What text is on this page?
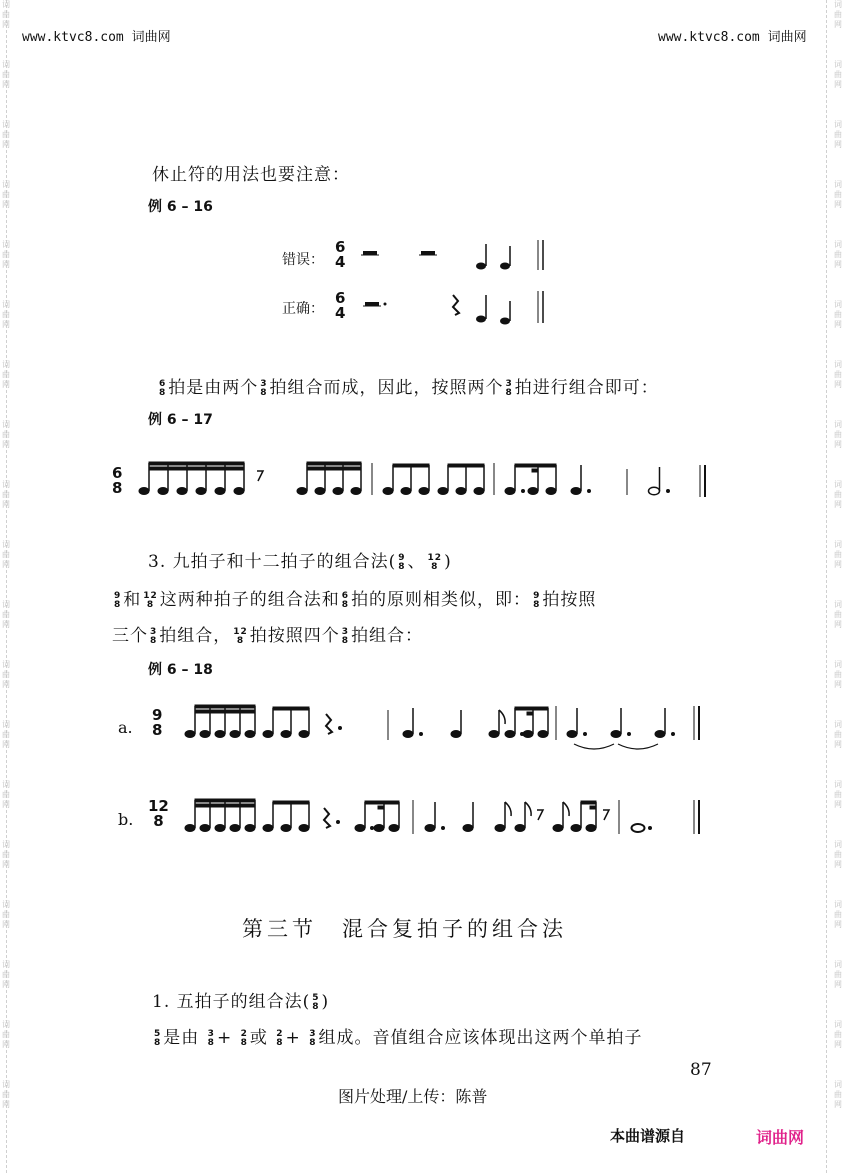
词
曲
网
词
曲
网
词
曲
网
词
曲
网
词
曲
网
词
曲
网
词
曲
网
词
曲
网
词
曲
网
词
曲
网
词
曲
网
词
曲
网
词
曲
网
词
曲
网
词
曲
网
词
曲
网
词
曲
网
词
曲
网
词
曲
网
词
曲
网
词
曲
网
词
曲
网
词
曲
网
词
曲
网
词
曲
网
词
曲
网
词
曲
网
词
曲
网
词
曲
网
词
曲
网
词
曲
网
词
曲
网
词
曲
网
词
曲
网
词
曲
网
词
曲
网
词
曲
网
词
曲
网
www.ktvc8.com 词曲网	www.ktvc8.com 词曲网
休止符的用法也要注意：
例 6 – 16
错误：
6
4
正确：
6
4
6
8 拍是由两个 3
8 拍组合而成，因此，按照两个 3
8 拍进行组合即可：
例 6 – 17
6
8
3. 九拍子和十二拍子的组合法( 9
8 、 12
8 )
9
8 和 12
8 这两种拍子的组合法和 6
8 拍的原则相类似，即： 9
8 拍按照
三个 3
8 拍组合， 12
8 拍按照四个 3
8 拍组合：
例 6 – 18
a.
9
8
b.
12
8
第三节　混合复拍子的组合法
1. 五拍子的组合法( 5
8 )
5
8 是由 3
8 + 2
8 或 2
8 + 3
8 组成。音值组合应该体现出这两个单拍子
87
图片处理/上传：陈普
本曲谱源自	词曲网
